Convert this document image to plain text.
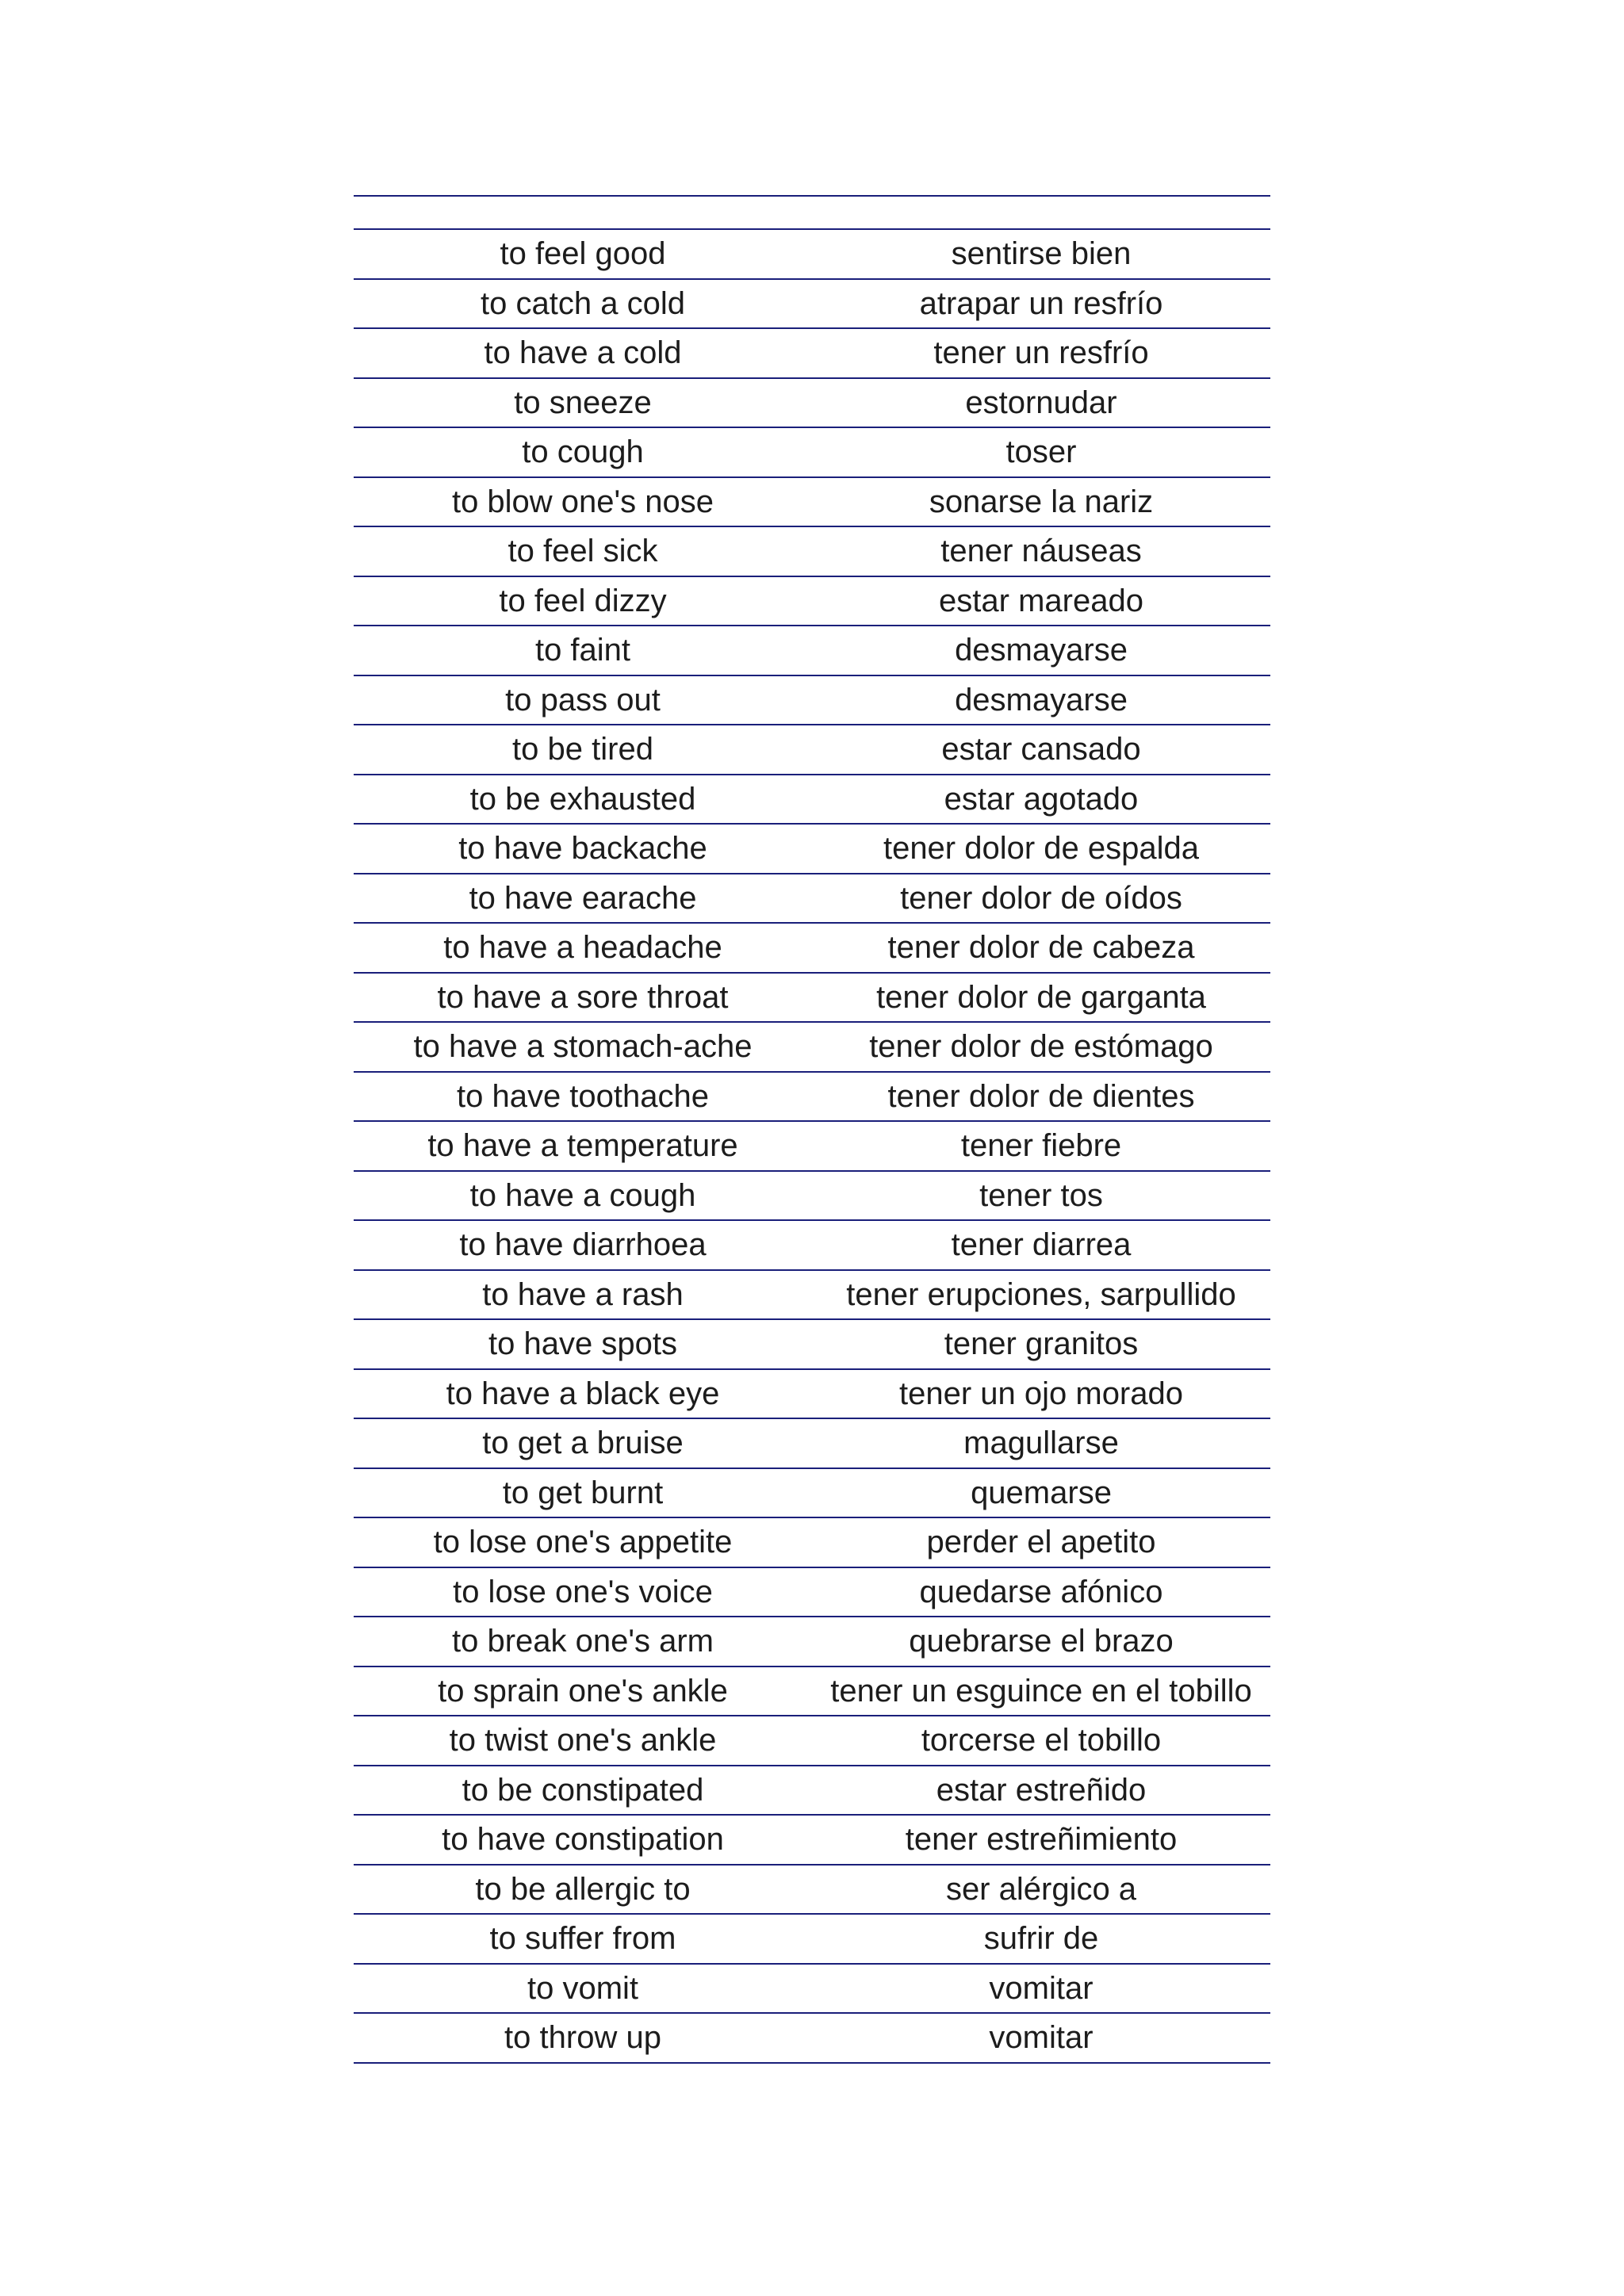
to feel good	sentirse bien
to catch a cold	atrapar un resfrío
to have a cold	tener un resfrío
to sneeze	estornudar
to cough	toser
to blow one's nose	sonarse la nariz
to feel sick	tener náuseas
to feel dizzy	estar mareado
to faint	desmayarse
to pass out	desmayarse
to be tired	estar cansado
to be exhausted	estar agotado
to have backache	tener dolor de espalda
to have earache	tener dolor de oídos
to have a headache	tener dolor de cabeza
to have a sore throat	tener dolor de garganta
to have a stomach-ache	tener dolor de estómago
to have toothache	tener dolor de dientes
to have a temperature	tener fiebre
to have a cough	tener tos
to have diarrhoea	tener diarrea
to have a rash	tener erupciones, sarpullido
to have spots	tener granitos
to have a black eye	tener un ojo morado
to get a bruise	magullarse
to get burnt	quemarse
to lose one's appetite	perder el apetito
to lose one's voice	quedarse afónico
to break one's arm	quebrarse el brazo
to sprain one's ankle	tener un esguince en el tobillo
to twist one's ankle	torcerse el tobillo
to be constipated	estar estreñido
to have constipation	tener estreñimiento
to be allergic to	ser alérgico a
to suffer from	sufrir de
to vomit	vomitar
to throw up	vomitar
